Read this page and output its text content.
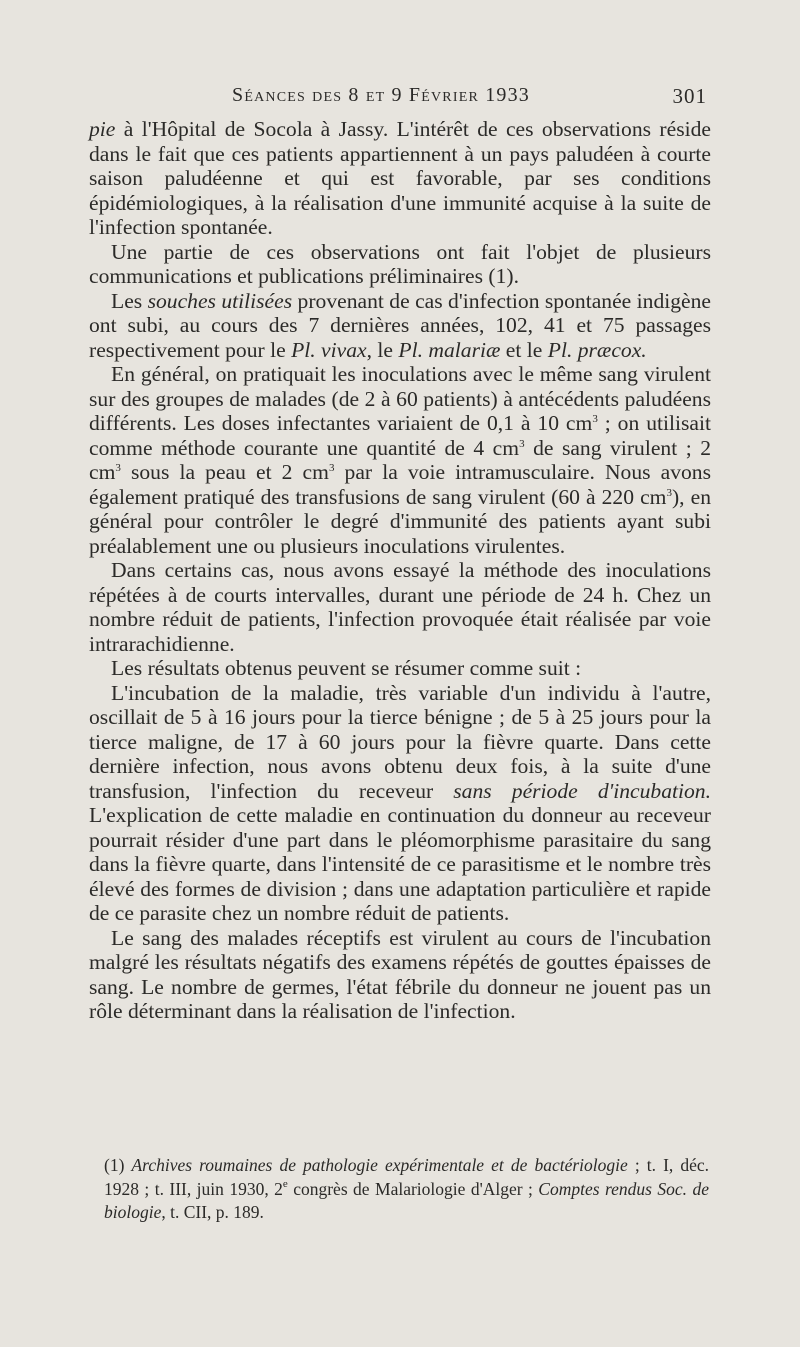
Séances des 8 et 9 Février 1933	301

pie à l'Hôpital de Socola à Jassy. L'intérêt de ces observations réside dans le fait que ces patients appartiennent à un pays paludéen à courte saison paludéenne et qui est favorable, par ses conditions épidémiologiques, à la réalisation d'une immunité acquise à la suite de l'infection spontanée.

Une partie de ces observations ont fait l'objet de plusieurs communications et publications préliminaires (1).

Les souches utilisées provenant de cas d'infection spontanée indigène ont subi, au cours des 7 dernières années, 102, 41 et 75 passages respectivement pour le Pl. vivax, le Pl. malariæ et le Pl. præcox.

En général, on pratiquait les inoculations avec le même sang virulent sur des groupes de malades (de 2 à 60 patients) à antécédents paludéens différents. Les doses infectantes variaient de 0,1 à 10 $cm^3$ ; on utilisait comme méthode courante une quantité de 4 $cm^3$ de sang virulent ; 2 $cm^3$ sous la peau et 2 $cm^3$ par la voie intramusculaire. Nous avons également pratiqué des transfusions de sang virulent (60 à 220 $cm^3$), en général pour contrôler le degré d'immunité des patients ayant subi préalablement une ou plusieurs inoculations virulentes.

Dans certains cas, nous avons essayé la méthode des inoculations répétées à de courts intervalles, durant une période de 24 h. Chez un nombre réduit de patients, l'infection provoquée était réalisée par voie intrarachidienne.

Les résultats obtenus peuvent se résumer comme suit :

L'incubation de la maladie, très variable d'un individu à l'autre, oscillait de 5 à 16 jours pour la tierce bénigne ; de 5 à 25 jours pour la tierce maligne, de 17 à 60 jours pour la fièvre quarte. Dans cette dernière infection, nous avons obtenu deux fois, à la suite d'une transfusion, l'infection du receveur sans période d'incubation. L'explication de cette maladie en continuation du donneur au receveur pourrait résider d'une part dans le pléomorphisme parasitaire du sang dans la fièvre quarte, dans l'intensité de ce parasitisme et le nombre très élevé des formes de division ; dans une adaptation particulière et rapide de ce parasite chez un nombre réduit de patients.

Le sang des malades réceptifs est virulent au cours de l'incubation malgré les résultats négatifs des examens répétés de gouttes épaisses de sang. Le nombre de germes, l'état fébrile du donneur ne jouent pas un rôle déterminant dans la réalisation de l'infection.

(1) Archives roumaines de pathologie expérimentale et de bactériologie ; t. I, déc. 1928 ; t. III, juin 1930, 2e congrès de Malariologie d'Alger ; Comptes rendus Soc. de biologie, t. CII, p. 189.
